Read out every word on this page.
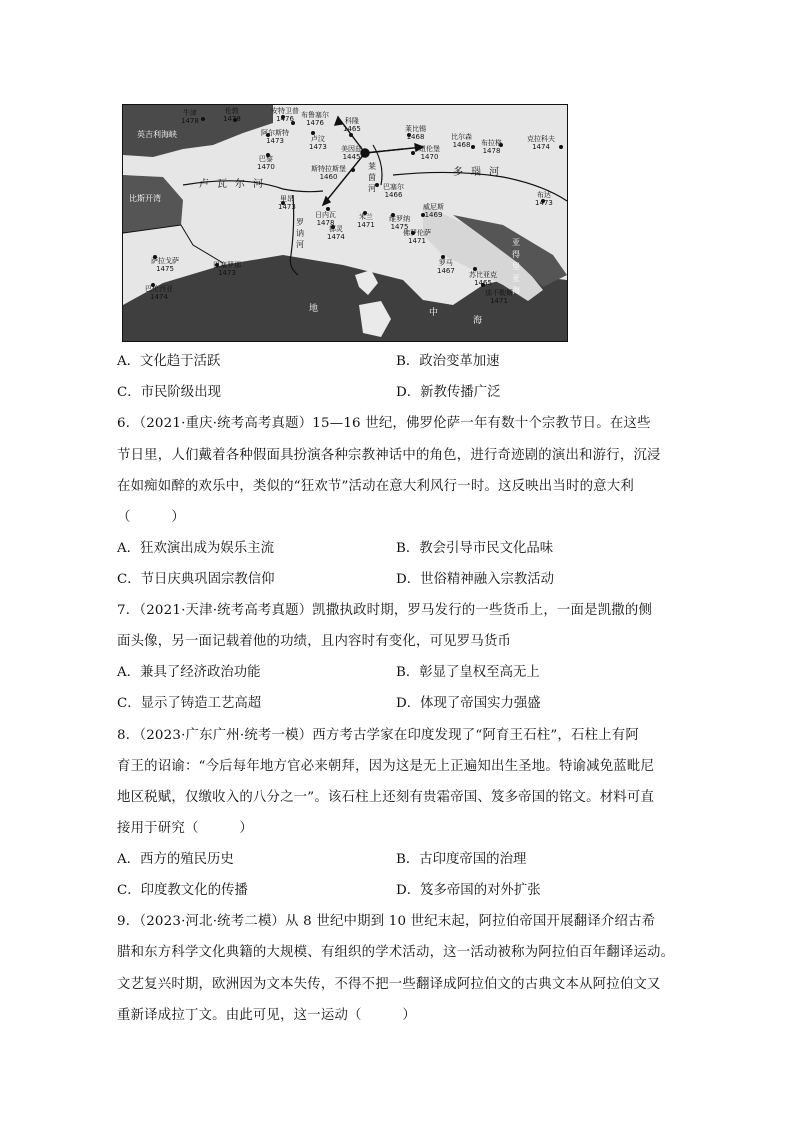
牛津
1478
伦敦
1478
安特卫普
1476	布鲁塞尔
1476
阿尔斯特
1473	卢汶
1473
科隆
1465
美因兹
1445
斯特拉斯堡
1460
莱比锡
1468
纽伦堡
1470
比尔森
1468 布拉格
1478
克拉科夫
1474
巴黎
1470
巴塞尔
1466
里昂
1473
日内瓦
1478
米兰
1471
维罗纳
1475
威尼斯
1469
都灵
1474	佛罗伦萨
1471
罗马
1467 苏比亚克
1465
那不勒斯
1471
萨拉戈萨
1475	巴塞罗那
1473
巴伦西亚
1474
布达
1473
英吉利海峡
卢瓦尔河
罗讷河
莱茵河
多瑙河
比斯开湾
地	中
海
亚得里亚海
A．文化趋于活跃	B．政治变革加速
C．市民阶级出现	D．新教传播广泛
6．（2021·重庆·统考高考真题）15—16 世纪，佛罗伦萨一年有数十个宗教节日。在这些
节日里，人们戴着各种假面具扮演各种宗教神话中的角色，进行奇迹剧的演出和游行，沉浸
在如痴如醉的欢乐中，类似的“狂欢节”活动在意大利风行一时。这反映出当时的意大利
（　　　）
A．狂欢演出成为娱乐主流	B．教会引导市民文化品味
C．节日庆典巩固宗教信仰	D．世俗精神融入宗教活动
7．（2021·天津·统考高考真题）凯撒执政时期，罗马发行的一些货币上，一面是凯撒的侧
面头像，另一面记载着他的功绩，且内容时有变化，可见罗马货币
A．兼具了经济政治功能	B．彰显了皇权至高无上
C．显示了铸造工艺高超	D．体现了帝国实力强盛
8．（2023·广东广州·统考一模）西方考古学家在印度发现了“阿育王石柱”，石柱上有阿
育王的诏谕：“今后每年地方官必来朝拜，因为这是无上正遍知出生圣地。特谕减免蓝毗尼
地区税赋，仅缴收入的八分之一”。该石柱上还刻有贵霜帝国、笈多帝国的铭文。材料可直
接用于研究（　　　）
A．西方的殖民历史	B．古印度帝国的治理
C．印度教文化的传播	D．笈多帝国的对外扩张
9．（2023·河北·统考二模）从 8 世纪中期到 10 世纪末起，阿拉伯帝国开展翻译介绍古希
腊和东方科学文化典籍的大规模、有组织的学术活动，这一活动被称为阿拉伯百年翻译运动。
文艺复兴时期，欧洲因为文本失传，不得不把一些翻译成阿拉伯文的古典文本从阿拉伯文又
重新译成拉丁文。由此可见，这一运动（　　　）
